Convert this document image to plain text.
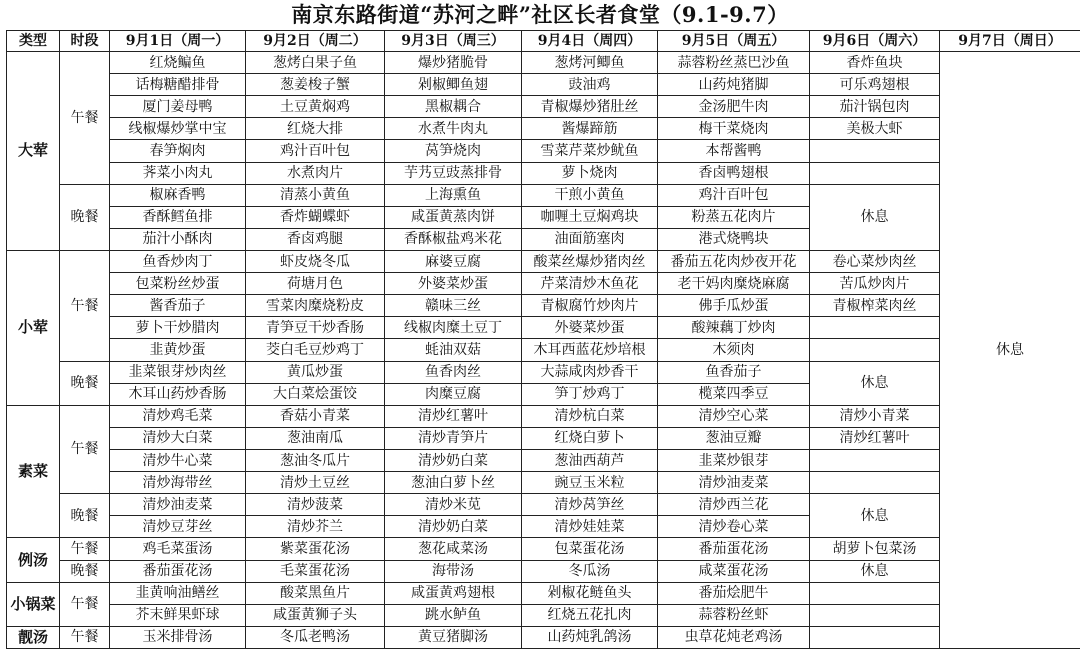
南京东路街道“苏河之畔”社区长者食堂（9.1-9.7）
类型	时段	9月1日（周一）	9月2日（周二）	9月3日（周三）	9月4日（周四）	9月5日（周五）	9月6日（周六）	9月7日（周日）
大荤	午餐	红烧鳊鱼	葱烤白果子鱼	爆炒猪脆骨	葱烤河鲫鱼	蒜蓉粉丝蒸巴沙鱼	香炸鱼块	休息
		话梅糖醋排骨	葱姜梭子蟹	剁椒鲫鱼翅	豉油鸡	山药炖猪脚	可乐鸡翅根	
		厦门姜母鸭	土豆黄焖鸡	黑椒耦合	青椒爆炒猪肚丝	金汤肥牛肉	茄汁锅包肉	
		线椒爆炒掌中宝	红烧大排	水煮牛肉丸	酱爆蹄筋	梅干菜烧肉	美极大虾	
		春笋焖肉	鸡汁百叶包	莴笋烧肉	雪菜芹菜炒鱿鱼	本帮酱鸭		
		荠菜小肉丸	水煮肉片	芋艿豆豉蒸排骨	萝卜烧肉	香卤鸭翅根		
	晚餐	椒麻香鸭	清蒸小黄鱼	上海熏鱼	干煎小黄鱼	鸡汁百叶包	休息	
		香酥鳕鱼排	香炸蝴蝶虾	咸蛋黄蒸肉饼	咖喱土豆焖鸡块	粉蒸五花肉片		
		茄汁小酥肉	香卤鸡腿	香酥椒盐鸡米花	油面筋塞肉	港式烧鸭块		
小荤	午餐	鱼香炒肉丁	虾皮烧冬瓜	麻婆豆腐	酸菜丝爆炒猪肉丝	番茄五花肉炒夜开花	卷心菜炒肉丝	
		包菜粉丝炒蛋	荷塘月色	外婆菜炒蛋	芹菜清炒木鱼花	老干妈肉糜烧麻腐	苦瓜炒肉片	
		酱香茄子	雪菜肉糜烧粉皮	赣味三丝	青椒腐竹炒肉片	佛手瓜炒蛋	青椒榨菜肉丝	
		萝卜干炒腊肉	青笋豆干炒香肠	线椒肉糜土豆丁	外婆菜炒蛋	酸辣藕丁炒肉		
		韭黄炒蛋	茭白毛豆炒鸡丁	蚝油双菇	木耳西蓝花炒培根	木须肉		
	晚餐	韭菜银芽炒肉丝	黄瓜炒蛋	鱼香肉丝	大蒜咸肉炒香干	鱼香茄子	休息	
		木耳山药炒香肠	大白菜烩蛋饺	肉糜豆腐	笋丁炒鸡丁	榄菜四季豆		
素菜	午餐	清炒鸡毛菜	香菇小青菜	清炒红薯叶	清炒杭白菜	清炒空心菜	清炒小青菜	
		清炒大白菜	葱油南瓜	清炒青笋片	红烧白萝卜	葱油豆瓣	清炒红薯叶	
		清炒牛心菜	葱油冬瓜片	清炒奶白菜	葱油西葫芦	韭菜炒银芽		
		清炒海带丝	清炒土豆丝	葱油白萝卜丝	豌豆玉米粒	清炒油麦菜		
	晚餐	清炒油麦菜	清炒菠菜	清炒米苋	清炒莴笋丝	清炒西兰花	休息	
		清炒豆芽丝	清炒芥兰	清炒奶白菜	清炒娃娃菜	清炒卷心菜		
例汤	午餐	鸡毛菜蛋汤	紫菜蛋花汤	葱花咸菜汤	包菜蛋花汤	番茄蛋花汤	胡萝卜包菜汤	
	晚餐	番茄蛋花汤	毛菜蛋花汤	海带汤	冬瓜汤	咸菜蛋花汤	休息	
小锅菜	午餐	韭黄响油鳝丝	酸菜黑鱼片	咸蛋黄鸡翅根	剁椒花鲢鱼头	番茄烩肥牛		
		芥末鲜果虾球	咸蛋黄狮子头	跳水鲈鱼	红烧五花扎肉	蒜蓉粉丝虾		
靓汤	午餐	玉米排骨汤	冬瓜老鸭汤	黄豆猪脚汤	山药炖乳鸽汤	虫草花炖老鸡汤		
